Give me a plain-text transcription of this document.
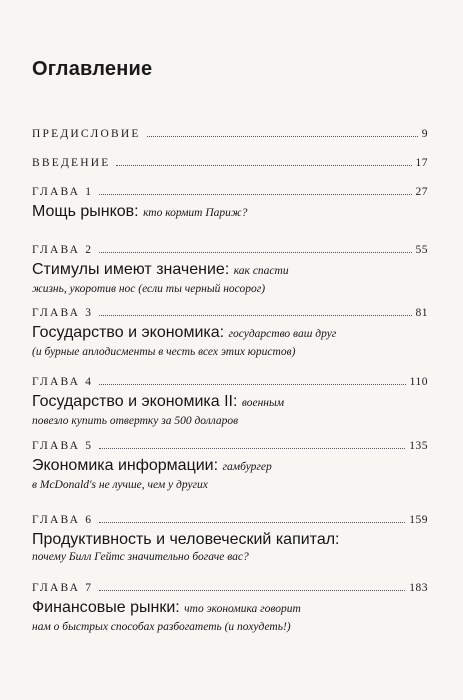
Оглавление
ПРЕДИСЛОВИЕ	9
ВВЕДЕНИЕ	17
ГЛАВА 1	27
Мощь рынков: кто кормит Париж?
ГЛАВА 2	55
Стимулы имеют значение: как спасти
жизнь, укоротив нос (если ты черный носорог)
ГЛАВА 3	81
Государство и экономика: государство ваш друг
(и бурные аплодисменты в честь всех этих юристов)
ГЛАВА 4	110
Государство и экономика II: военным
повезло купить отвертку за 500 долларов
ГЛАВА 5	135
Экономика информации: гамбургер
в McDonald's не лучше, чем у других
ГЛАВА 6	159
Продуктивность и человеческий капитал:
почему Билл Гейтс значительно богаче вас?
ГЛАВА 7	183
Финансовые рынки: что экономика говорит
нам о быстрых способах разбогатеть (и похудеть!)
